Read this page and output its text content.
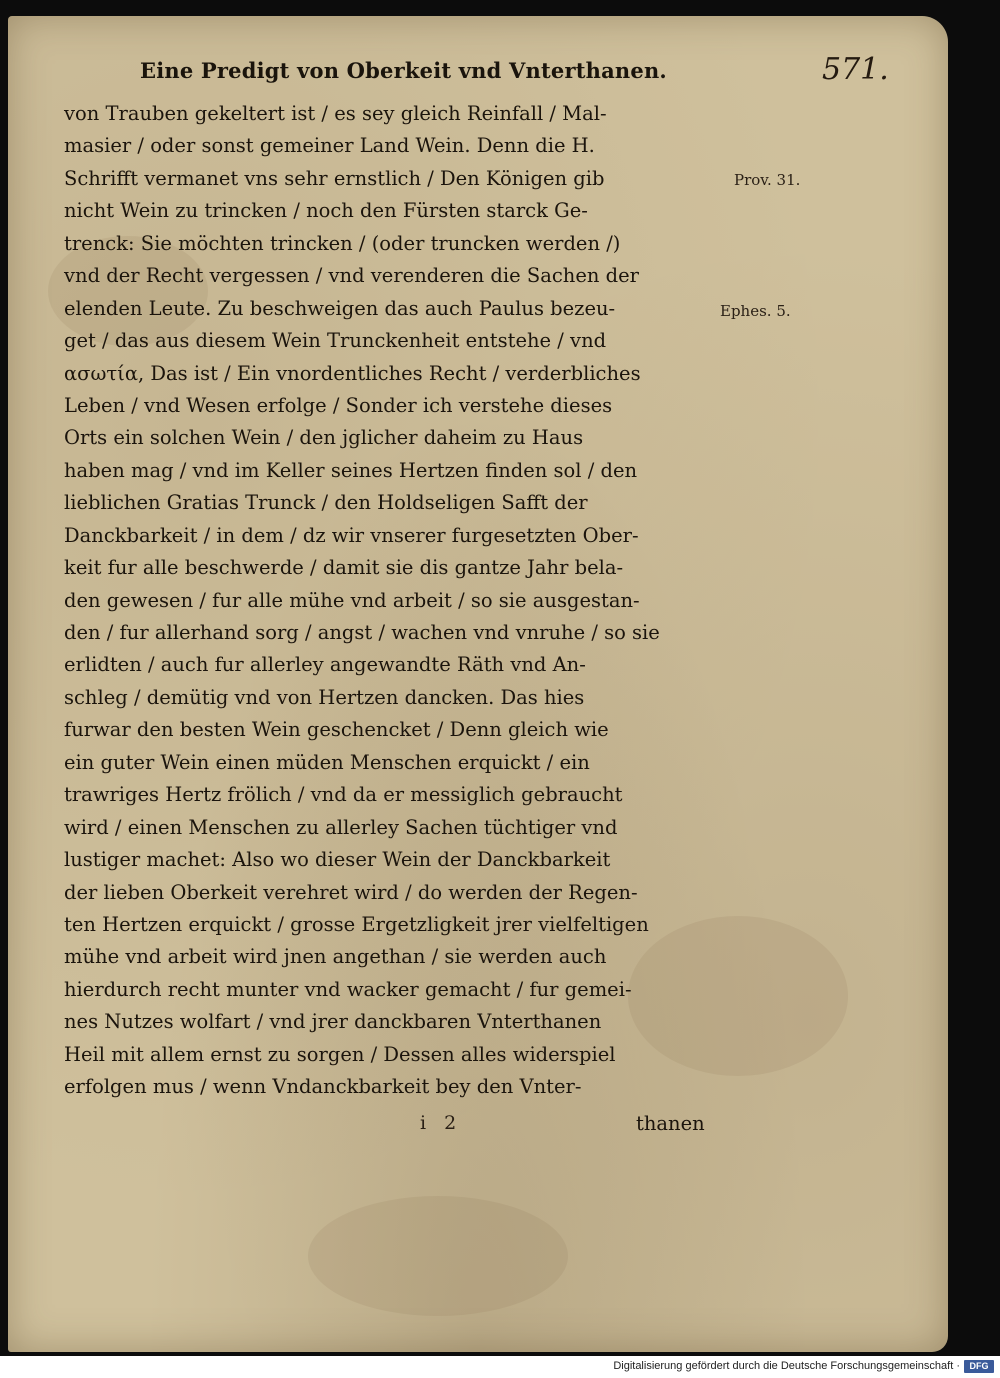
Eine Predigt von Oberkeit vnd Vnterthanen.	571.
von Trauben gekeltert ist / es sey gleich Reinfall / Mal-
masier / oder sonst gemeiner Land Wein. Denn die H.
Schrifft vermanet vns sehr ernstlich / Den Königen gib
nicht Wein zu trincken / noch den Fürsten starck Ge-
trenck: Sie möchten trincken / (oder truncken werden /)
vnd der Recht vergessen / vnd verenderen die Sachen der
elenden Leute. Zu beschweigen das auch Paulus bezeu-
get / das aus diesem Wein Trunckenheit entstehe / vnd
ασωτία, Das ist / Ein vnordentliches Recht / verderbliches
Leben / vnd Wesen erfolge / Sonder ich verstehe dieses
Orts ein solchen Wein / den jglicher daheim zu Haus
haben mag / vnd im Keller seines Hertzen finden sol / den
lieblichen Gratias Trunck / den Holdseligen Safft der
Danckbarkeit / in dem / dz wir vnserer furgesetzten Ober-
keit fur alle beschwerde / damit sie dis gantze Jahr bela-
den gewesen / fur alle mühe vnd arbeit / so sie ausgestan-
den / fur allerhand sorg / angst / wachen vnd vnruhe / so sie
erlidten / auch fur allerley angewandte Räth vnd An-
schleg / demütig vnd von Hertzen dancken. Das hies
furwar den besten Wein geschencket / Denn gleich wie
ein guter Wein einen müden Menschen erquickt / ein
trawriges Hertz frölich / vnd da er messiglich gebraucht
wird / einen Menschen zu allerley Sachen tüchtiger vnd
lustiger machet: Also wo dieser Wein der Danckbarkeit
der lieben Oberkeit verehret wird / do werden der Regen-
ten Hertzen erquickt / grosse Ergetzligkeit jrer vielfeltigen
mühe vnd arbeit wird jnen angethan / sie werden auch
hierdurch recht munter vnd wacker gemacht / fur gemei-
nes Nutzes wolfart / vnd jrer danckbaren Vnterthanen
Heil mit allem ernst zu sorgen / Dessen alles widerspiel
erfolgen mus / wenn Vndanckbarkeit bey den Vnter-
Prov. 31.
Ephes. 5.
i 2	thanen
Digitalisierung gefördert durch die Deutsche Forschungsgemeinschaft ·	DFG
